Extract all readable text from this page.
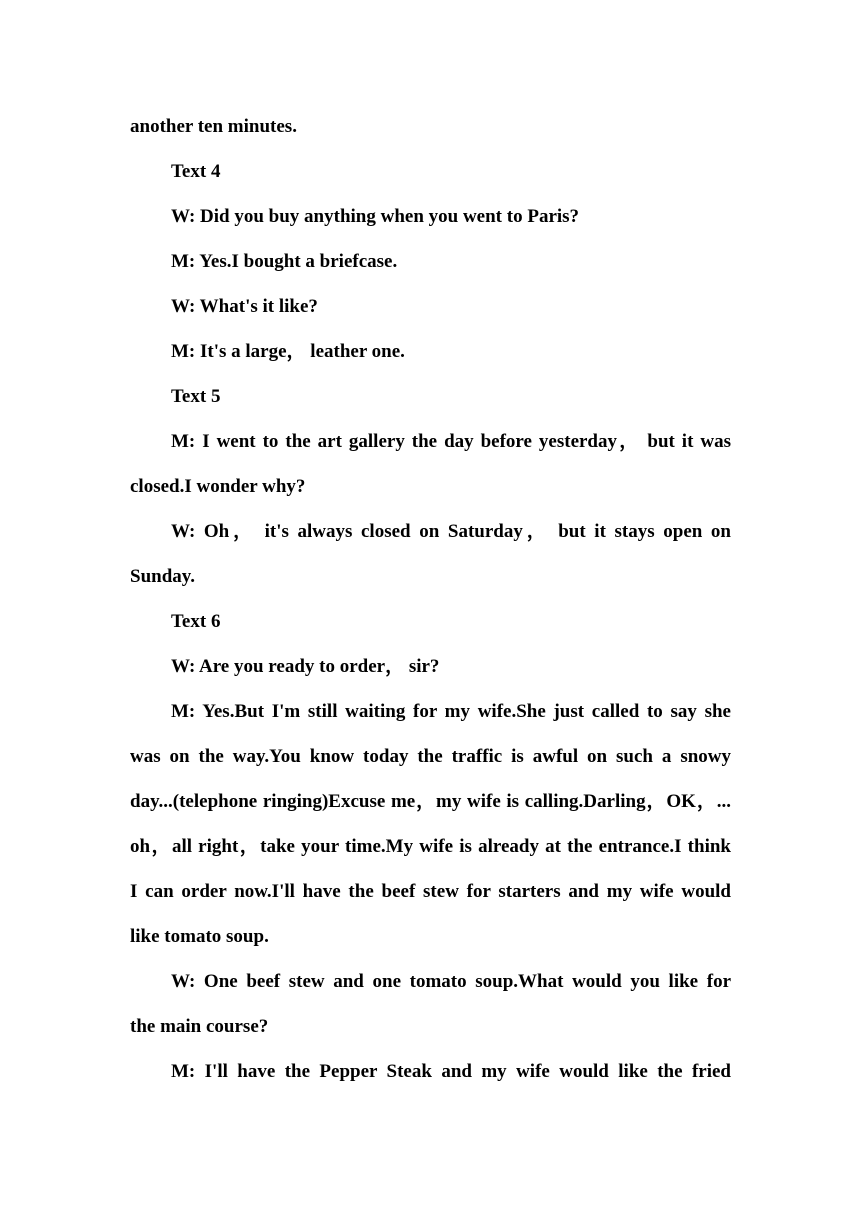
another ten minutes.
Text 4
W: Did you buy anything when you went to Paris?
M: Yes.I bought a briefcase.
W: What's it like?
M: It's a large， leather one.
Text 5
M: I went to the art gallery the day before yesterday， but it was
closed.I wonder why?
W: Oh， it's always closed on Saturday， but it stays open on
Sunday.
Text 6
W: Are you ready to order， sir?
M: Yes.But I'm still waiting for my wife.She just called to say she
was on the way.You know today the traffic is awful on such a snowy
day...(telephone ringing)Excuse me，my wife is calling.Darling，OK，...
oh，all right，take your time.My wife is already at the entrance.I think
I can order now.I'll have the beef stew for starters and my wife would
like tomato soup.
W: One beef stew and one tomato soup.What would you like for
the main course?
M: I'll have the Pepper Steak and my wife would like the fried
